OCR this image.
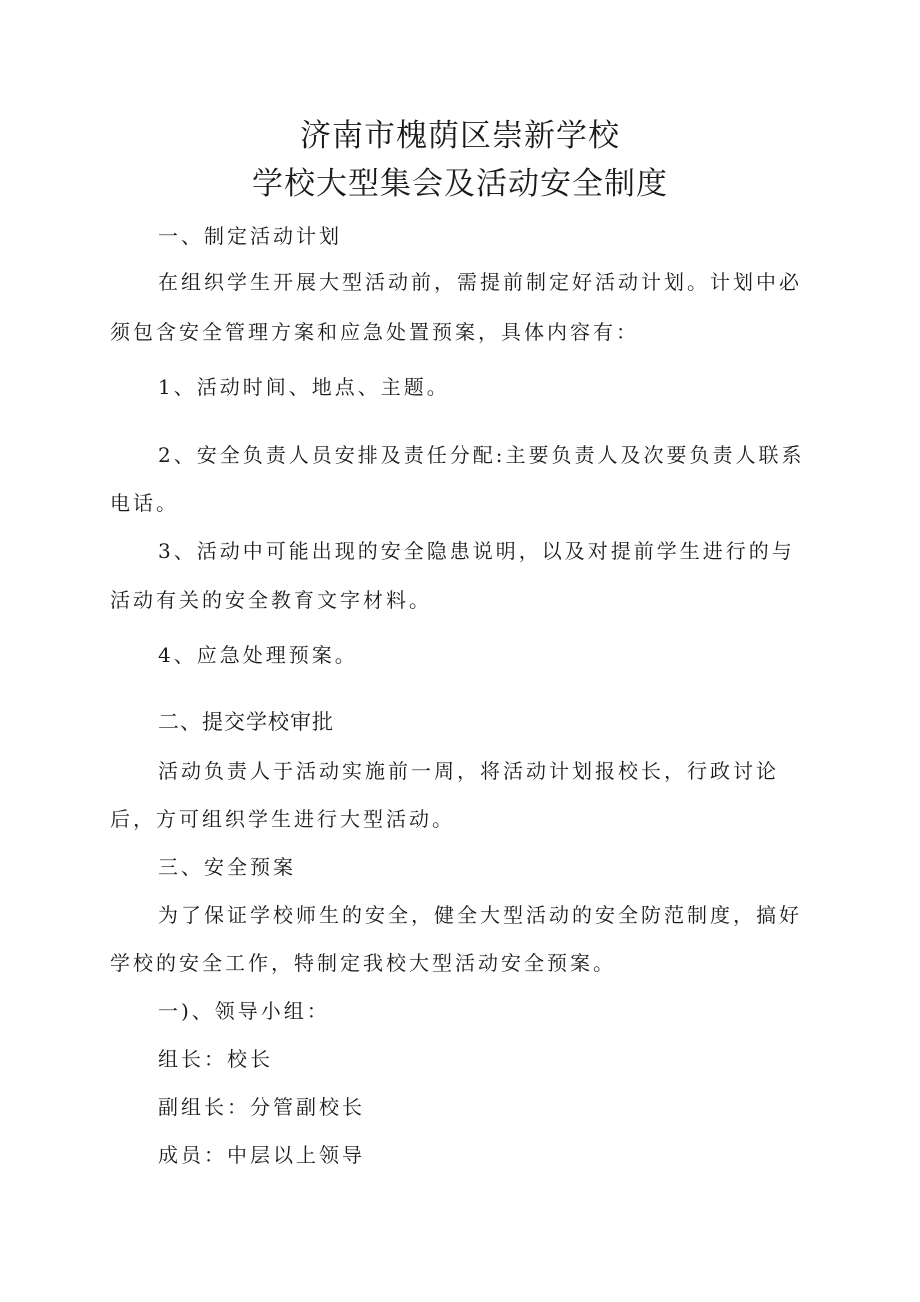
济南市槐荫区崇新学校
学校大型集会及活动安全制度

一、制定活动计划

在组织学生开展大型活动前，需提前制定好活动计划。计划中必

须包含安全管理方案和应急处置预案，具体内容有：

1、活动时间、地点、主题。

2、安全负责人员安排及责任分配:主要负责人及次要负责人联系

电话。

3、活动中可能出现的安全隐患说明，以及对提前学生进行的与

活动有关的安全教育文字材料。

4、应急处理预案。

二、提交学校审批

活动负责人于活动实施前一周，将活动计划报校长，行政讨论

后，方可组织学生进行大型活动。

三、安全预案

为了保证学校师生的安全，健全大型活动的安全防范制度，搞好

学校的安全工作，特制定我校大型活动安全预案。

一)、领导小组：

组长：校长

副组长：分管副校长

成员：中层以上领导
